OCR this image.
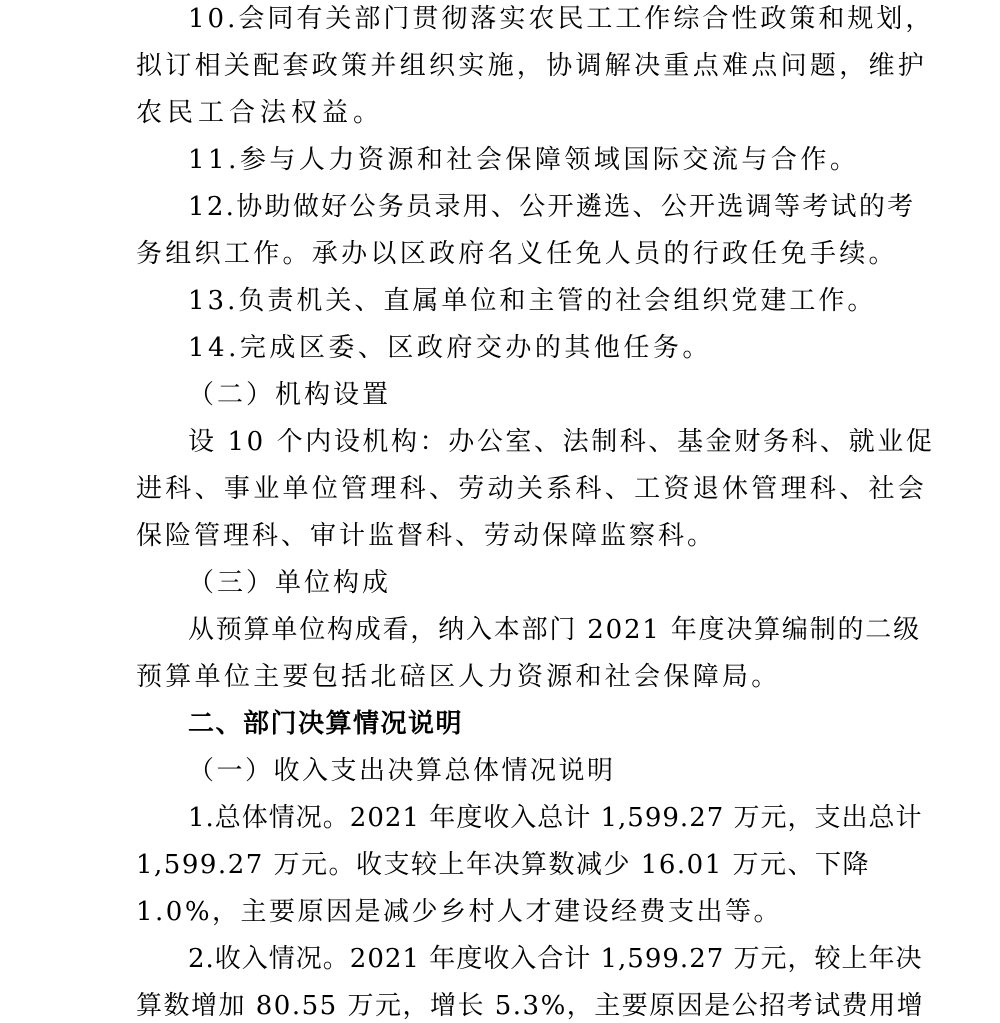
10.会同有关部门贯彻落实农民工工作综合性政策和规划，
拟订相关配套政策并组织实施，协调解决重点难点问题，维护
农民工合法权益。
11.参与人力资源和社会保障领域国际交流与合作。
12.协助做好公务员录用、公开遴选、公开选调等考试的考
务组织工作。承办以区政府名义任免人员的行政任免手续。
13.负责机关、直属单位和主管的社会组织党建工作。
14.完成区委、区政府交办的其他任务。
（二）机构设置
设 10 个内设机构：办公室、法制科、基金财务科、就业促
进科、事业单位管理科、劳动关系科、工资退休管理科、社会
保险管理科、审计监督科、劳动保障监察科。
（三）单位构成
从预算单位构成看，纳入本部门 2021 年度决算编制的二级
预算单位主要包括北碚区人力资源和社会保障局。
二、部门决算情况说明
（一）收入支出决算总体情况说明
1.总体情况。2021 年度收入总计 1,599.27 万元，支出总计
1,599.27 万元。收支较上年决算数减少 16.01 万元、下降
1.0%，主要原因是减少乡村人才建设经费支出等。
2.收入情况。2021 年度收入合计 1,599.27 万元，较上年决
算数增加 80.55 万元，增长 5.3%，主要原因是公招考试费用增
